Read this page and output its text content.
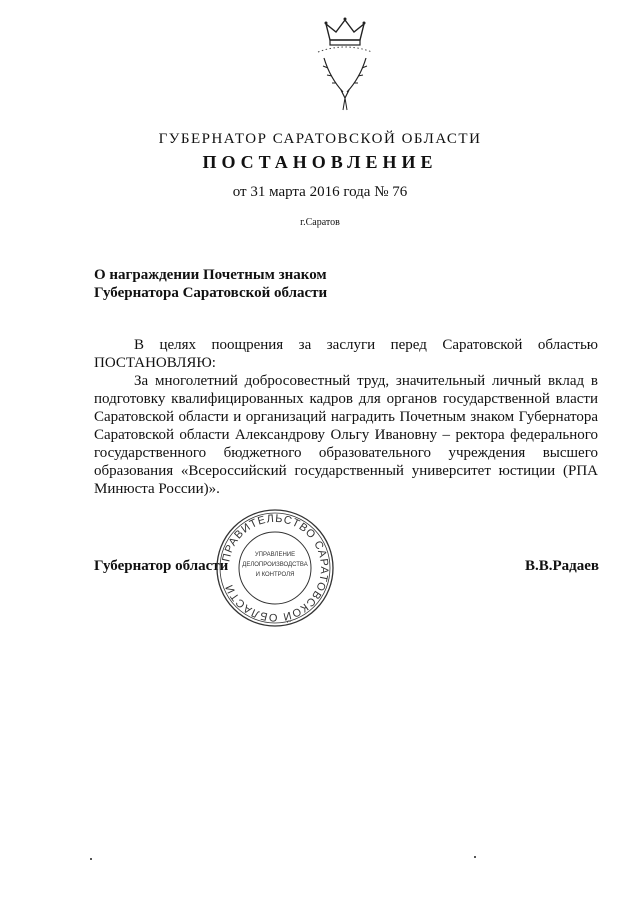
ГУБЕРНАТОР САРАТОВСКОЙ ОБЛАСТИ
ПОСТАНОВЛЕНИЕ
от 31 марта 2016 года № 76
г.Саратов
О награждении Почетным знаком
Губернатора Саратовской области

В целях поощрения за заслуги перед Саратовской областью

ПОСТАНОВЛЯЮ:

За многолетний добросовестный труд, значительный личный вклад в подготовку квалифицированных кадров для органов государственной власти Саратовской области и организаций наградить Почетным знаком Губернатора Саратовской области Александрову Ольгу Ивановну – ректора федерального государственного бюджетного образовательного учреждения высшего образования «Всероссийский государственный университет юстиции (РПА Минюста России)».

Губернатор области	В.В.Радаев
ПРАВИТЕЛЬСТВО САРАТОВСКОЙ ОБЛАСТИ
УПРАВЛЕНИЕ
ДЕЛОПРОИЗВОДСТВА
И КОНТРОЛЯ
